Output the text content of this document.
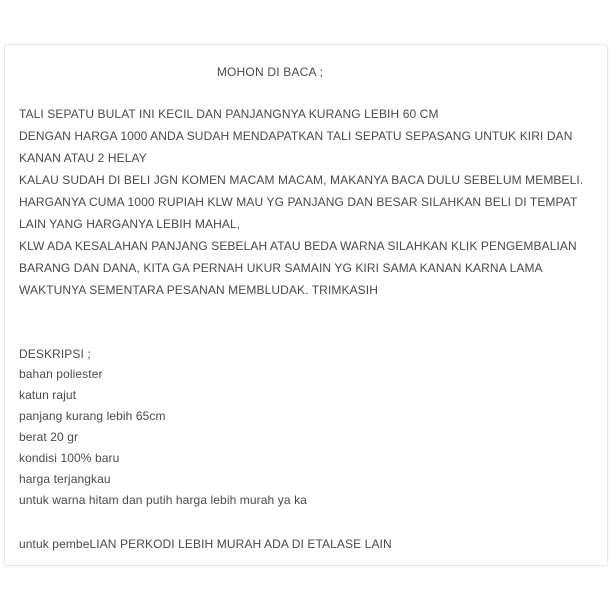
MOHON DI BACA ;
TALI SEPATU BULAT INI KECIL DAN PANJANGNYA KURANG LEBIH 60 CM
DENGAN HARGA 1000 ANDA SUDAH MENDAPATKAN TALI SEPATU SEPASANG UNTUK KIRI DAN
KANAN ATAU 2 HELAY
KALAU SUDAH DI BELI JGN KOMEN MACAM MACAM, MAKANYA BACA DULU SEBELUM MEMBELI.
HARGANYA CUMA 1000 RUPIAH KLW MAU YG PANJANG DAN BESAR SILAHKAN BELI DI TEMPAT
LAIN YANG HARGANYA LEBIH MAHAL,
KLW ADA KESALAHAN PANJANG SEBELAH ATAU BEDA WARNA SILAHKAN KLIK PENGEMBALIAN
BARANG DAN DANA, KITA GA PERNAH UKUR SAMAIN YG KIRI SAMA KANAN KARNA LAMA
WAKTUNYA SEMENTARA PESANAN MEMBLUDAK. TRIMKASIH
DESKRIPSI ;
bahan poliester
katun rajut
panjang kurang lebih 65cm
berat 20 gr
kondisi 100% baru
harga terjangkau
untuk warna hitam dan putih harga lebih murah ya ka
untuk pembeLIAN PERKODI LEBIH MURAH ADA DI ETALASE LAIN
